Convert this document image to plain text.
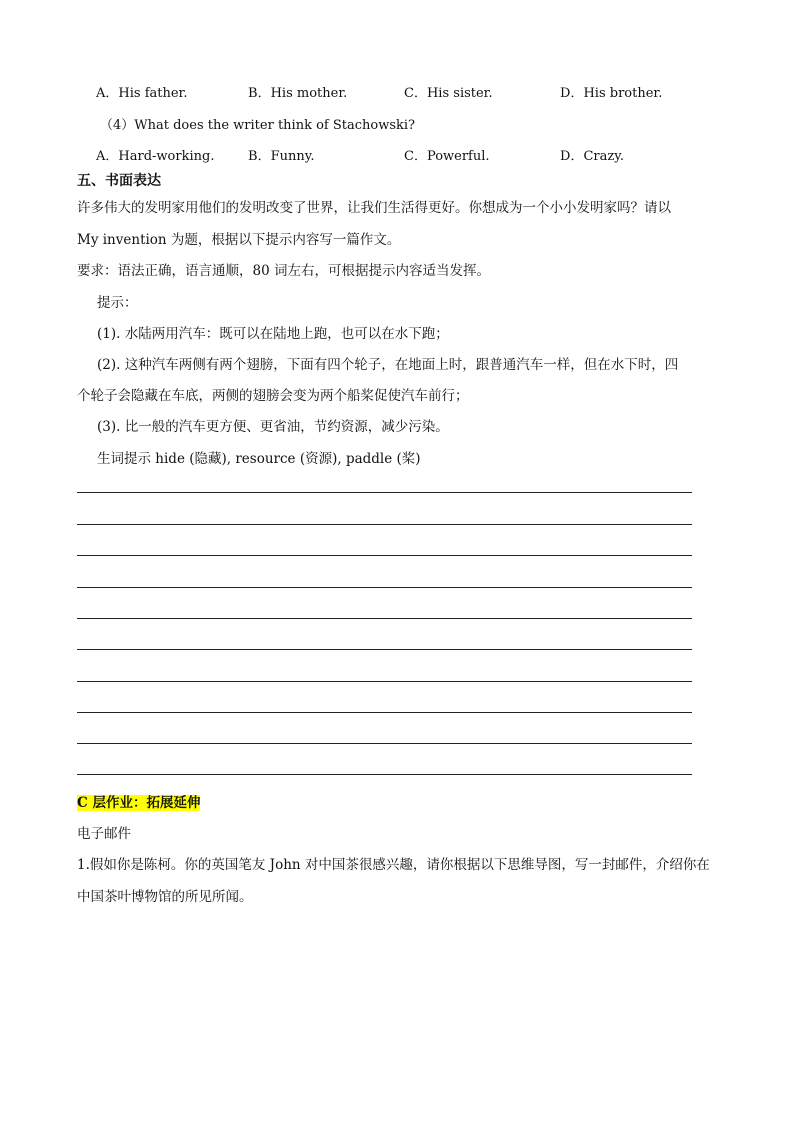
A．His father.	B．His mother.	C．His sister.	D．His brother.
（4）What does the writer think of Stachowski?
A．Hard-working.	B．Funny.	C．Powerful.	D．Crazy.
五、书面表达
许多伟大的发明家用他们的发明改变了世界，让我们生活得更好。你想成为一个小小发明家吗？请以
My invention 为题，根据以下提示内容写一篇作文。
要求：语法正确，语言通顺，80 词左右，可根据提示内容适当发挥。
提示：
(1). 水陆两用汽车：既可以在陆地上跑，也可以在水下跑；
(2). 这种汽车两侧有两个翅膀，下面有四个轮子，在地面上时，跟普通汽车一样，但在水下时，四
个轮子会隐藏在车底，两侧的翅膀会变为两个船桨促使汽车前行；
(3). 比一般的汽车更方便、更省油，节约资源，减少污染。
生词提示 hide (隐藏), resource (资源), paddle (桨)
C 层作业：拓展延伸
电子邮件
1.假如你是陈柯。你的英国笔友 John 对中国茶很感兴趣，请你根据以下思维导图，写一封邮件，介绍你在
中国茶叶博物馆的所见所闻。
